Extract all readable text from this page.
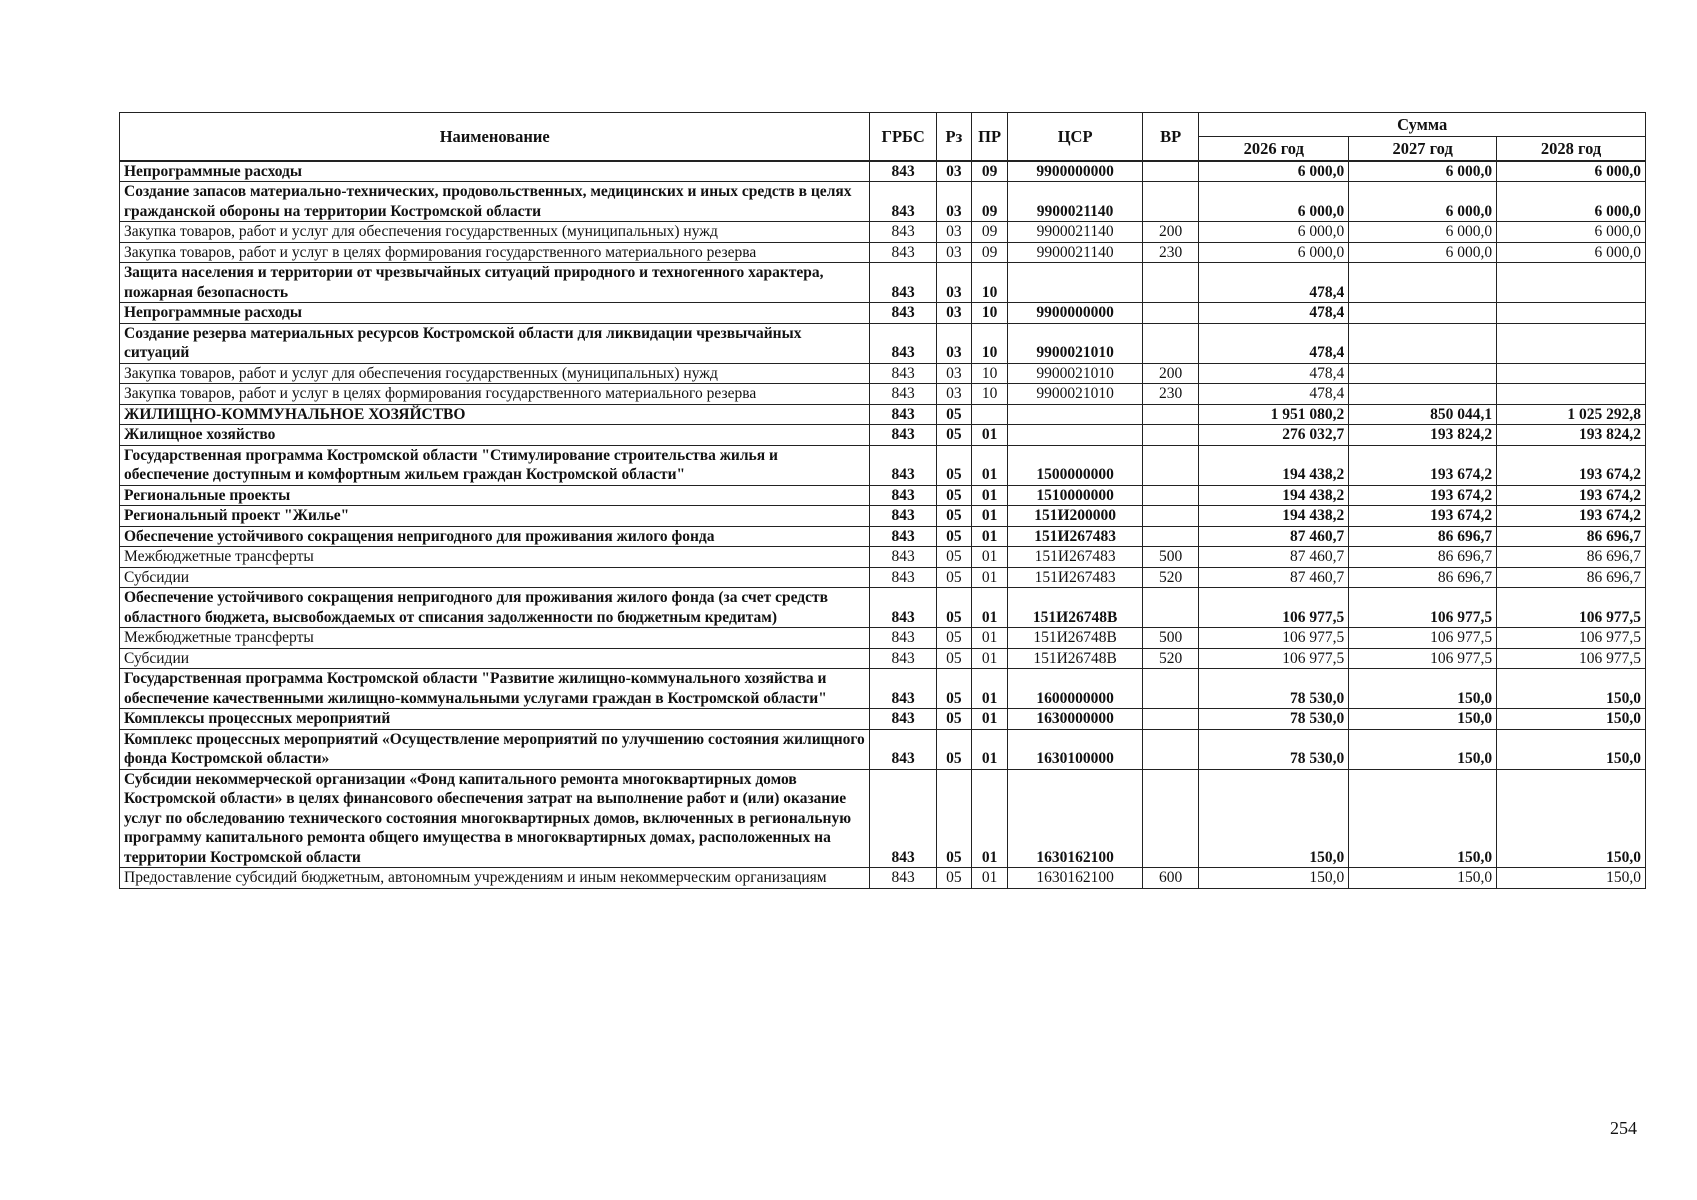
Наименование	ГРБС	Рз	ПР	ЦСР	ВР	Сумма		
						2026 год	2027 год	2028 год
Непрограммные расходы	843	03	09	9900000000		6 000,0	6 000,0	6 000,0
Создание запасов материально-технических, продовольственных, медицинских и иных средств в целях гражданской обороны на территории Костромской области	843	03	09	9900021140		6 000,0	6 000,0	6 000,0
Закупка товаров, работ и услуг для обеспечения государственных (муниципальных) нужд	843	03	09	9900021140	200	6 000,0	6 000,0	6 000,0
Закупка товаров, работ и услуг в целях формирования государственного материального резерва	843	03	09	9900021140	230	6 000,0	6 000,0	6 000,0
Защита населения и территории от чрезвычайных ситуаций природного и техногенного характера, пожарная безопасность	843	03	10			478,4		
Непрограммные расходы	843	03	10	9900000000		478,4		
Создание резерва материальных ресурсов Костромской области для ликвидации чрезвычайных ситуаций	843	03	10	9900021010		478,4		
Закупка товаров, работ и услуг для обеспечения государственных (муниципальных) нужд	843	03	10	9900021010	200	478,4		
Закупка товаров, работ и услуг в целях формирования государственного материального резерва	843	03	10	9900021010	230	478,4		
ЖИЛИЩНО-КОММУНАЛЬНОЕ ХОЗЯЙСТВО	843	05				1 951 080,2	850 044,1	1 025 292,8
Жилищное хозяйство	843	05	01			276 032,7	193 824,2	193 824,2
Государственная программа Костромской области "Стимулирование строительства жилья и обеспечение доступным и комфортным жильем граждан Костромской области"	843	05	01	1500000000		194 438,2	193 674,2	193 674,2
Региональные проекты	843	05	01	1510000000		194 438,2	193 674,2	193 674,2
Региональный проект "Жилье"	843	05	01	151И200000		194 438,2	193 674,2	193 674,2
Обеспечение устойчивого сокращения непригодного для проживания жилого фонда	843	05	01	151И267483		87 460,7	86 696,7	86 696,7
Межбюджетные трансферты	843	05	01	151И267483	500	87 460,7	86 696,7	86 696,7
Субсидии	843	05	01	151И267483	520	87 460,7	86 696,7	86 696,7
Обеспечение устойчивого сокращения непригодного для проживания жилого фонда (за счет средств областного бюджета, высвобождаемых от списания задолженности по бюджетным кредитам)	843	05	01	151И26748В		106 977,5	106 977,5	106 977,5
Межбюджетные трансферты	843	05	01	151И26748В	500	106 977,5	106 977,5	106 977,5
Субсидии	843	05	01	151И26748В	520	106 977,5	106 977,5	106 977,5
Государственная программа Костромской области "Развитие жилищно-коммунального хозяйства и обеспечение качественными жилищно-коммунальными услугами граждан в Костромской области"	843	05	01	1600000000		78 530,0	150,0	150,0
Комплексы процессных мероприятий	843	05	01	1630000000		78 530,0	150,0	150,0
Комплекс процессных мероприятий «Осуществление мероприятий по улучшению состояния жилищного фонда Костромской области»	843	05	01	1630100000		78 530,0	150,0	150,0
Субсидии некоммерческой организации «Фонд капитального ремонта многоквартирных домов Костромской области» в целях финансового обеспечения затрат на выполнение работ и (или) оказание услуг по обследованию технического состояния многоквартирных домов, включенных в региональную программу капитального ремонта общего имущества в многоквартирных домах, расположенных на территории Костромской области	843	05	01	1630162100		150,0	150,0	150,0
Предоставление субсидий бюджетным, автономным учреждениям и иным некоммерческим организациям	843	05	01	1630162100	600	150,0	150,0	150,0
254
